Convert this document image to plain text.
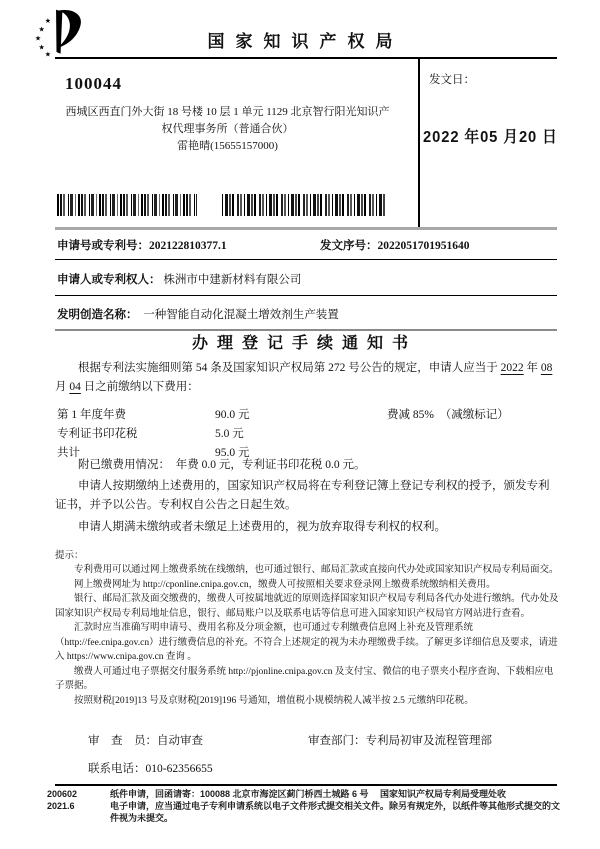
★
★
★
★
★
国家知识产权局
100044
西城区西直门外大街 18 号楼 10 层 1 单元 1129 北京智行阳光知识产
权代理事务所（普通合伙）
雷艳晴(15655157000)
发文日：
2022 年05 月20 日
申请号或专利号：202122810377.1	发文序号：2022051701951640
申请人或专利权人： 株洲市中建新材料有限公司
发明创造名称：　 一种智能自动化混凝土增效剂生产装置
办理登记手续通知书
根据专利法实施细则第 54 条及国家知识产权局第 272 号公告的规定，申请人应当于 2022 年 08 月 04 日之前缴纳以下费用：
第 1 年度年费	90.0 元	费减 85%　（减缴标记）
专利证书印花税	5.0 元
共计	95.0 元
附已缴费用情况：　年费 0.0 元，专利证书印花税 0.0 元。

申请人按期缴纳上述费用的，国家知识产权局将在专利登记簿上登记专利权的授予，颁发专利证书，并予以公告。专利权自公告之日起生效。

申请人期满未缴纳或者未缴足上述费用的，视为放弃取得专利权的权利。

提示：

专利费用可以通过网上缴费系统在线缴纳，也可通过银行、邮局汇款或直接向代办处或国家知识产权局专利局面交。

网上缴费网址为 http://cponline.cnipa.gov.cn，缴费人可按照相关要求登录网上缴费系统缴纳相关费用。

银行、邮局汇款及面交缴费的，缴费人可按属地就近的原则选择国家知识产权局专利局各代办处进行缴纳。代办处及国家知识产权局专利局地址信息，银行、邮局账户以及联系电话等信息可进入国家知识产权局官方网站进行查看。

汇款时应当准确写明申请号、费用名称及分项金额，也可通过专利缴费信息网上补充及管理系统（http://fee.cnipa.gov.cn）进行缴费信息的补充。不符合上述规定的视为未办理缴费手续。了解更多详细信息及要求，请进入 https://www.cnipa.gov.cn 查询 。

缴费人可通过电子票据交付服务系统 http://pjonline.cnipa.gov.cn 及支付宝、微信的电子票夹小程序查询、下载相应电子票据。

按照财税[2019]13 号及京财税[2019]196 号通知，增值税小规模纳税人减半按 2.5 元缴纳印花税。

审　查　员：自动审查	审查部门：专利局初审及流程管理部
联系电话：010-62356655
200602
2021.6
纸件申请，回函请寄：100088 北京市海淀区蓟门桥西土城路 6 号　 国家知识产权局专利局受理处收
电子申请，应当通过电子专利申请系统以电子文件形式提交相关文件。除另有规定外，以纸件等其他形式提交的文件视为未提交。
